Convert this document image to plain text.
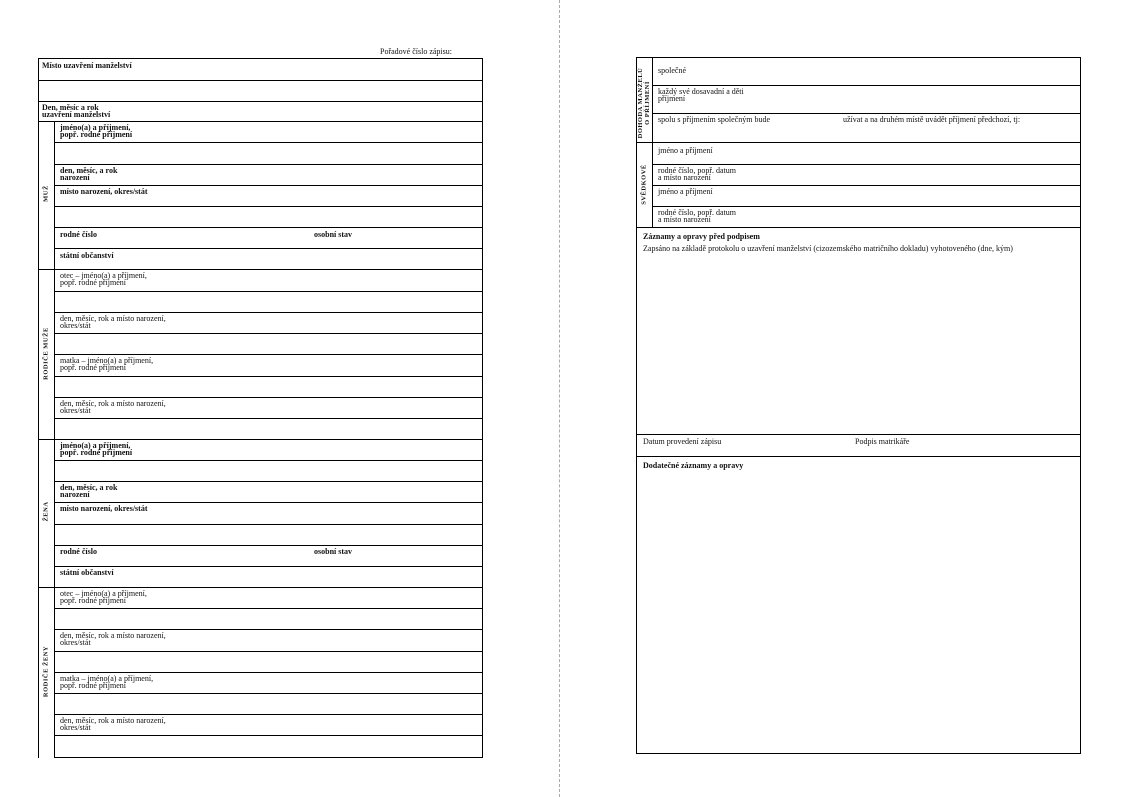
Pořadové číslo zápisu:
Místo uzavření manželství
Den, měsíc a rok
uzavření manželství
jméno(a) a příjmení,
popř. rodné příjmení
den, měsíc, a rok
narození
místo narození, okres/stát
rodné číslo	osobní stav
státní občanství
MUŽ
otec – jméno(a) a příjmení,
popř. rodné příjmení
den, měsíc, rok a místo narození,
okres/stát
matka – jméno(a) a příjmení,
popř. rodné příjmení
den, měsíc, rok a místo narození,
okres/stát
RODIČE MUŽE
jméno(a) a příjmení,
popř. rodné příjmení
den, měsíc, a rok
narození
místo narození, okres/stát
rodné číslo	osobní stav
státní občanství
ŽENA
otec – jméno(a) a příjmení,
popř. rodné příjmení
den, měsíc, rok a místo narození,
okres/stát
matka – jméno(a) a příjmení,
popř. rodné příjmení
den, měsíc, rok a místo narození,
okres/stát
RODIČE ŽENY
společné
každý své dosavadní a děti
příjmení
spolu s příjmením společným bude	užívat a na druhém místě uvádět příjmení předchozí, tj:
DOHODA MANŽELŮ O PŘÍJMENÍ
jméno a příjmení
rodné číslo, popř. datum
a místo narození
jméno a příjmení
rodné číslo, popř. datum
a místo narození
SVĚDKOVÉ
Záznamy a opravy před podpisem
Zapsáno na základě protokolu o uzavření manželství (cizozemského matričního dokladu) vyhotoveného (dne, kým)
Datum provedení zápisu	Podpis matrikáře
Dodatečné záznamy a opravy
